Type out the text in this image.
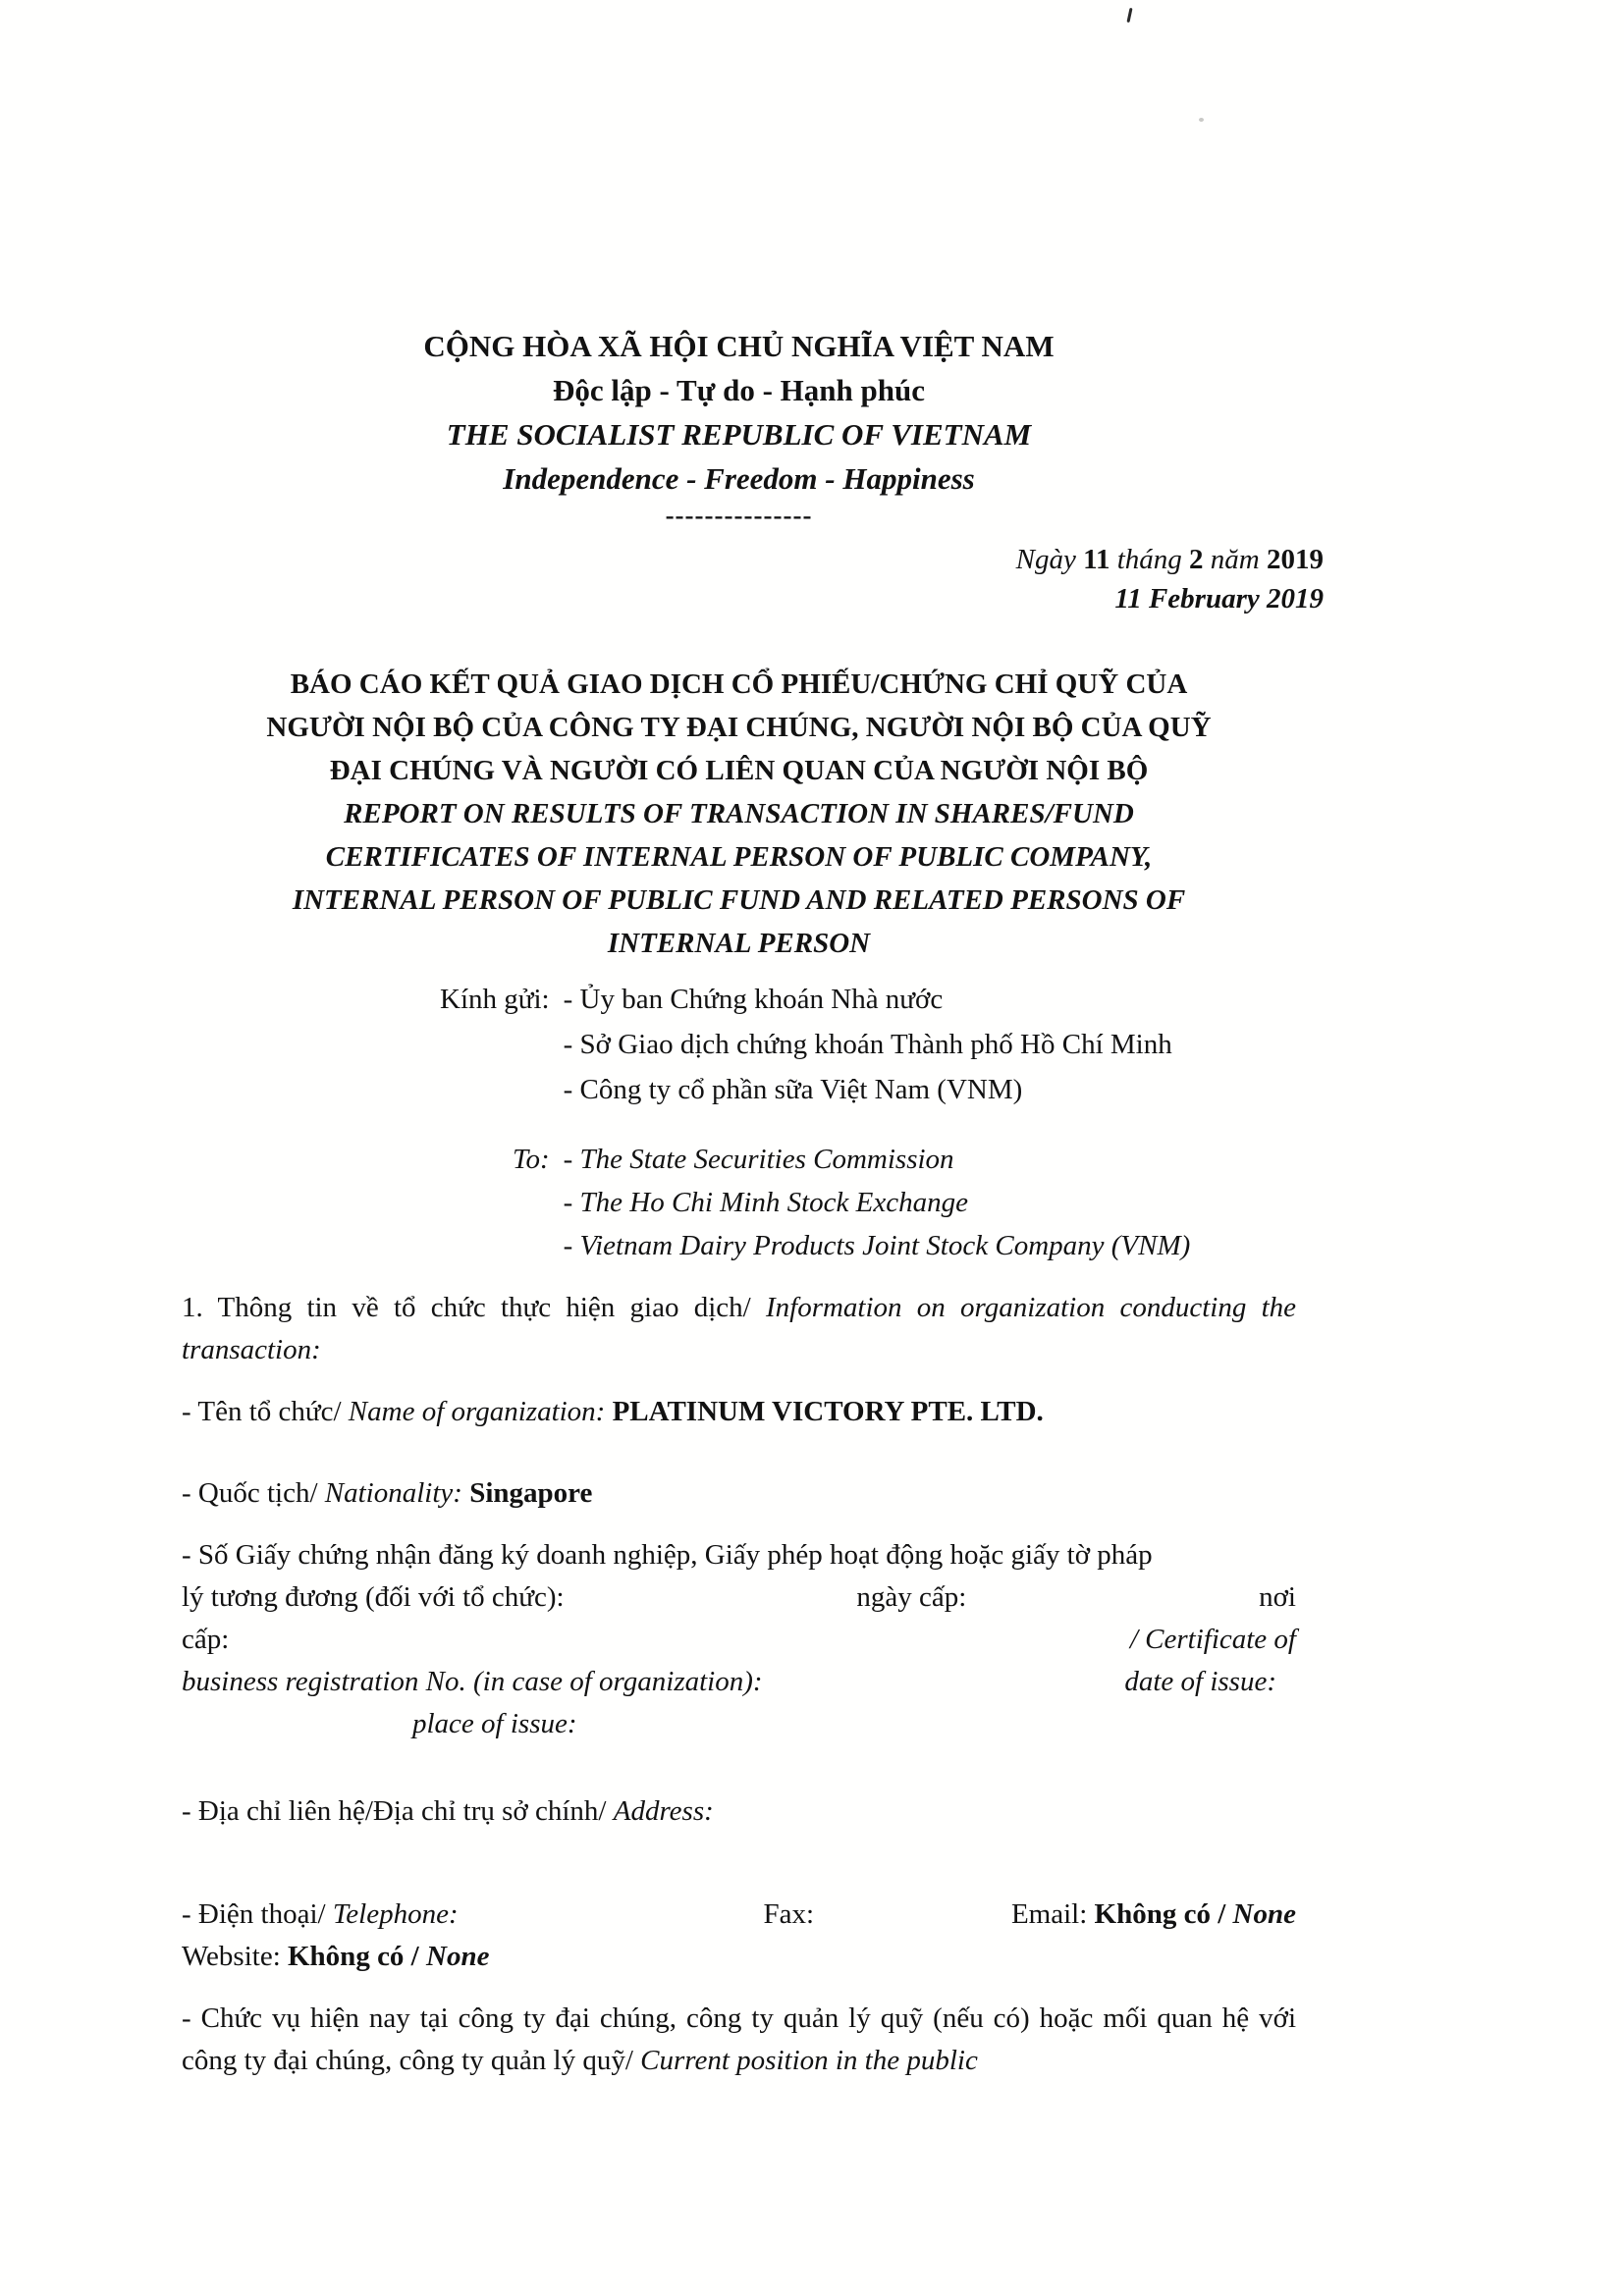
CỘNG HÒA XÃ HỘI CHỦ NGHĨA VIỆT NAM
Độc lập - Tự do - Hạnh phúc
THE SOCIALIST REPUBLIC OF VIETNAM
Independence - Freedom - Happiness
---------------
Ngày 11 tháng 2 năm 2019
11 February 2019
BÁO CÁO KẾT QUẢ GIAO DỊCH CỔ PHIẾU/CHỨNG CHỈ QUỸ CỦA
NGƯỜI NỘI BỘ CỦA CÔNG TY ĐẠI CHÚNG, NGƯỜI NỘI BỘ CỦA QUỸ
ĐẠI CHÚNG VÀ NGƯỜI CÓ LIÊN QUAN CỦA NGƯỜI NỘI BỘ
REPORT ON RESULTS OF TRANSACTION IN SHARES/FUND
CERTIFICATES OF INTERNAL PERSON OF PUBLIC COMPANY,
INTERNAL PERSON OF PUBLIC FUND AND RELATED PERSONS OF
INTERNAL PERSON
Kính gửi: - Ủy ban Chứng khoán Nhà nước
- Sở Giao dịch chứng khoán Thành phố Hồ Chí Minh
- Công ty cổ phần sữa Việt Nam (VNM)
To: - The State Securities Commission
- The Ho Chi Minh Stock Exchange
- Vietnam Dairy Products Joint Stock Company (VNM)

1. Thông tin về tổ chức thực hiện giao dịch/ Information on organization conducting the transaction:

- Tên tổ chức/ Name of organization: PLATINUM VICTORY PTE. LTD.

- Quốc tịch/ Nationality: Singapore

- Số Giấy chứng nhận đăng ký doanh nghiệp, Giấy phép hoạt động hoặc giấy tờ pháp
lý tương đương (đối với tổ chức):	ngày cấp:	nơi
cấp:	/ Certificate of
business registration No. (in case of organization):	date of issue:
place of issue:

- Địa chỉ liên hệ/Địa chỉ trụ sở chính/ Address:

- Điện thoại/ Telephone:	Fax:	Email: Không có / None
Website: Không có / None

- Chức vụ hiện nay tại công ty đại chúng, công ty quản lý quỹ (nếu có) hoặc mối quan hệ với công ty đại chúng, công ty quản lý quỹ/ Current position in the public
